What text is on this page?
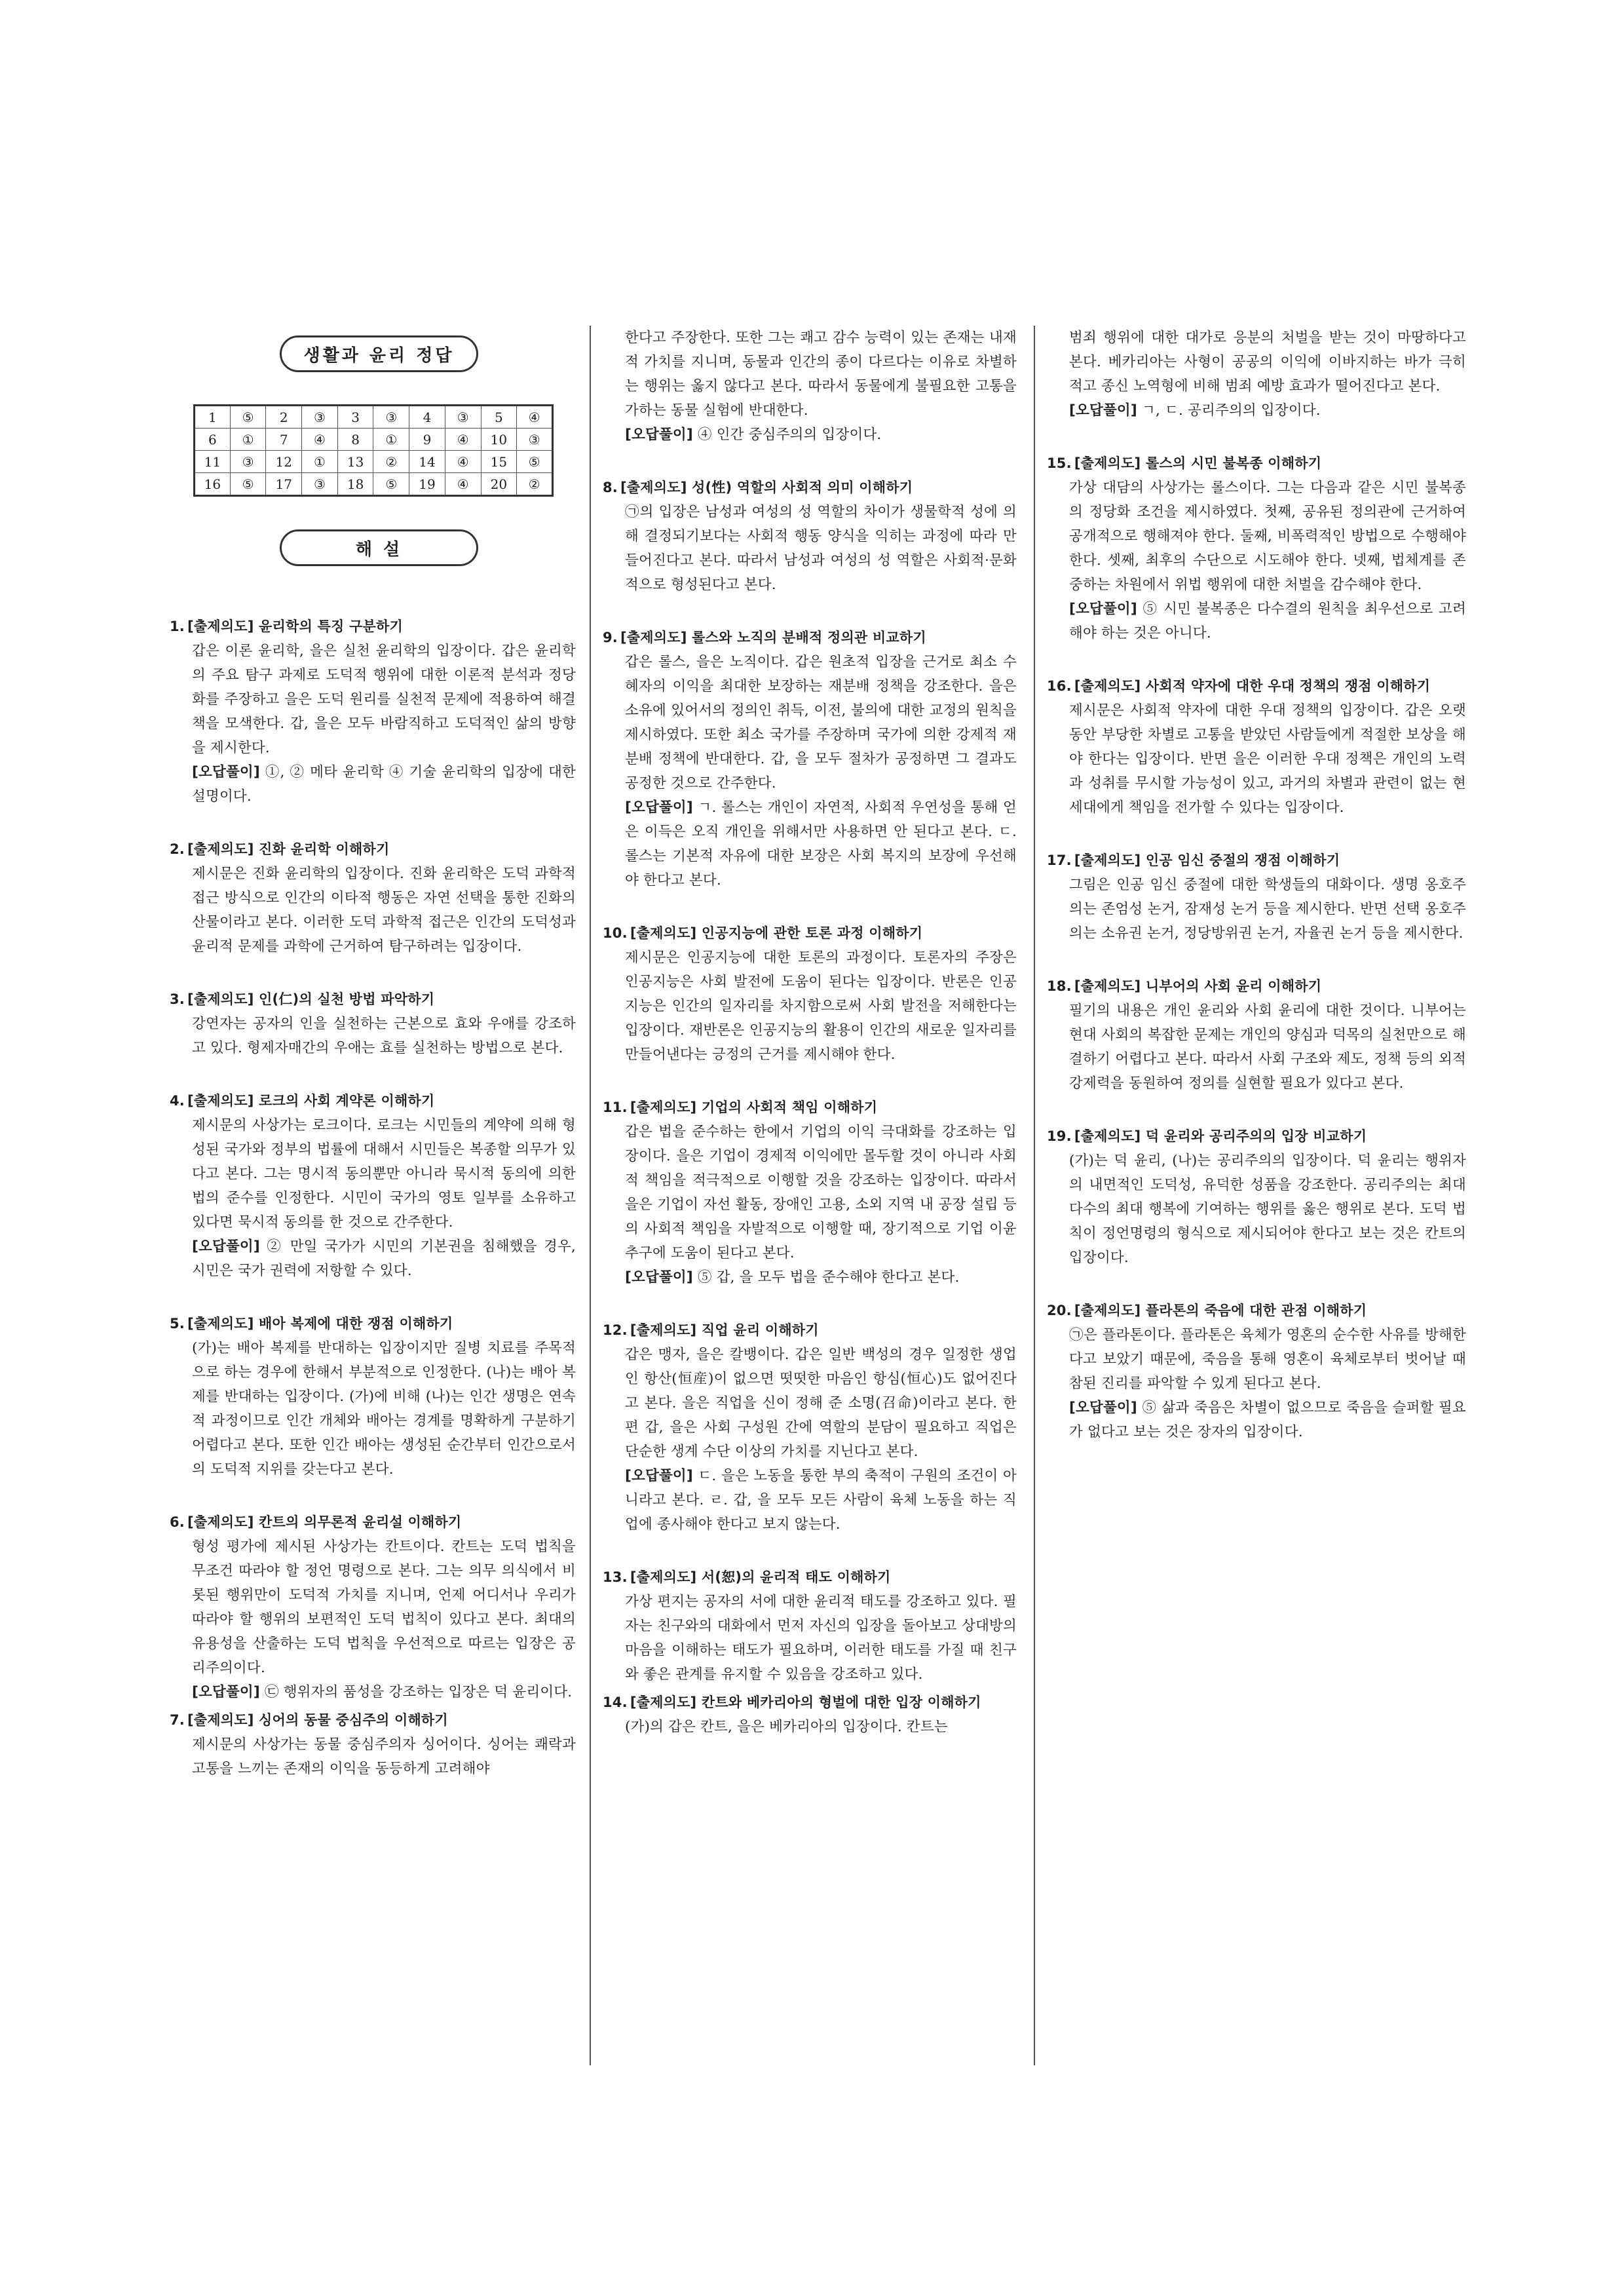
생활과 윤리 정답
1	⑤	2	③	3	③	4	③	5	④
6	①	7	④	8	①	9	④	10	③
11	③	12	①	13	②	14	④	15	⑤
16	⑤	17	③	18	⑤	19	④	20	②
해 설
1. [출제의도] 윤리학의 특징 구분하기

갑은 이론 윤리학, 을은 실천 윤리학의 입장이다. 갑은 윤리학의 주요 탐구 과제로 도덕적 행위에 대한 이론적 분석과 정당화를 주장하고 을은 도덕 원리를 실천적 문제에 적용하여 해결책을 모색한다. 갑, 을은 모두 바람직하고 도덕적인 삶의 방향을 제시한다.

[오답풀이] ①, ② 메타 윤리학 ④ 기술 윤리학의 입장에 대한 설명이다.

2. [출제의도] 진화 윤리학 이해하기

제시문은 진화 윤리학의 입장이다. 진화 윤리학은 도덕 과학적 접근 방식으로 인간의 이타적 행동은 자연 선택을 통한 진화의 산물이라고 본다. 이러한 도덕 과학적 접근은 인간의 도덕성과 윤리적 문제를 과학에 근거하여 탐구하려는 입장이다.

3. [출제의도] 인(仁)의 실천 방법 파악하기

강연자는 공자의 인을 실천하는 근본으로 효와 우애를 강조하고 있다. 형제자매간의 우애는 효를 실천하는 방법으로 본다.

4. [출제의도] 로크의 사회 계약론 이해하기

제시문의 사상가는 로크이다. 로크는 시민들의 계약에 의해 형성된 국가와 정부의 법률에 대해서 시민들은 복종할 의무가 있다고 본다. 그는 명시적 동의뿐만 아니라 묵시적 동의에 의한 법의 준수를 인정한다. 시민이 국가의 영토 일부를 소유하고 있다면 묵시적 동의를 한 것으로 간주한다.

[오답풀이] ② 만일 국가가 시민의 기본권을 침해했을 경우, 시민은 국가 권력에 저항할 수 있다.

5. [출제의도] 배아 복제에 대한 쟁점 이해하기

(가)는 배아 복제를 반대하는 입장이지만 질병 치료를 주목적으로 하는 경우에 한해서 부분적으로 인정한다. (나)는 배아 복제를 반대하는 입장이다. (가)에 비해 (나)는 인간 생명은 연속적 과정이므로 인간 개체와 배아는 경계를 명확하게 구분하기 어렵다고 본다. 또한 인간 배아는 생성된 순간부터 인간으로서의 도덕적 지위를 갖는다고 본다.

6. [출제의도] 칸트의 의무론적 윤리설 이해하기

형성 평가에 제시된 사상가는 칸트이다. 칸트는 도덕 법칙을 무조건 따라야 할 정언 명령으로 본다. 그는 의무 의식에서 비롯된 행위만이 도덕적 가치를 지니며, 언제 어디서나 우리가 따라야 할 행위의 보편적인 도덕 법칙이 있다고 본다. 최대의 유용성을 산출하는 도덕 법칙을 우선적으로 따르는 입장은 공리주의이다.

[오답풀이] ㉢ 행위자의 품성을 강조하는 입장은 덕 윤리이다.

7. [출제의도] 싱어의 동물 중심주의 이해하기

제시문의 사상가는 동물 중심주의자 싱어이다. 싱어는 쾌락과 고통을 느끼는 존재의 이익을 동등하게 고려해야

한다고 주장한다. 또한 그는 쾌고 감수 능력이 있는 존재는 내재적 가치를 지니며, 동물과 인간의 종이 다르다는 이유로 차별하는 행위는 옳지 않다고 본다. 따라서 동물에게 불필요한 고통을 가하는 동물 실험에 반대한다.

[오답풀이] ④ 인간 중심주의의 입장이다.

8. [출제의도] 성(性) 역할의 사회적 의미 이해하기

㉠의 입장은 남성과 여성의 성 역할의 차이가 생물학적 성에 의해 결정되기보다는 사회적 행동 양식을 익히는 과정에 따라 만들어진다고 본다. 따라서 남성과 여성의 성 역할은 사회적·문화적으로 형성된다고 본다.

9. [출제의도] 롤스와 노직의 분배적 정의관 비교하기

갑은 롤스, 을은 노직이다. 갑은 원초적 입장을 근거로 최소 수혜자의 이익을 최대한 보장하는 재분배 정책을 강조한다. 을은 소유에 있어서의 정의인 취득, 이전, 불의에 대한 교정의 원칙을 제시하였다. 또한 최소 국가를 주장하며 국가에 의한 강제적 재분배 정책에 반대한다. 갑, 을 모두 절차가 공정하면 그 결과도 공정한 것으로 간주한다.

[오답풀이] ㄱ. 롤스는 개인이 자연적, 사회적 우연성을 통해 얻은 이득은 오직 개인을 위해서만 사용하면 안 된다고 본다. ㄷ. 롤스는 기본적 자유에 대한 보장은 사회 복지의 보장에 우선해야 한다고 본다.

10. [출제의도] 인공지능에 관한 토론 과정 이해하기

제시문은 인공지능에 대한 토론의 과정이다. 토론자의 주장은 인공지능은 사회 발전에 도움이 된다는 입장이다. 반론은 인공지능은 인간의 일자리를 차지함으로써 사회 발전을 저해한다는 입장이다. 재반론은 인공지능의 활용이 인간의 새로운 일자리를 만들어낸다는 긍정의 근거를 제시해야 한다.

11. [출제의도] 기업의 사회적 책임 이해하기

갑은 법을 준수하는 한에서 기업의 이익 극대화를 강조하는 입장이다. 을은 기업이 경제적 이익에만 몰두할 것이 아니라 사회적 책임을 적극적으로 이행할 것을 강조하는 입장이다. 따라서 을은 기업이 자선 활동, 장애인 고용, 소외 지역 내 공장 설립 등의 사회적 책임을 자발적으로 이행할 때, 장기적으로 기업 이윤 추구에 도움이 된다고 본다.

[오답풀이] ⑤ 갑, 을 모두 법을 준수해야 한다고 본다.

12. [출제의도] 직업 윤리 이해하기

갑은 맹자, 을은 칼뱅이다. 갑은 일반 백성의 경우 일정한 생업인 항산(恒産)이 없으면 떳떳한 마음인 항심(恒心)도 없어진다고 본다. 을은 직업을 신이 정해 준 소명(召命)이라고 본다. 한편 갑, 을은 사회 구성원 간에 역할의 분담이 필요하고 직업은 단순한 생계 수단 이상의 가치를 지닌다고 본다.

[오답풀이] ㄷ. 을은 노동을 통한 부의 축적이 구원의 조건이 아니라고 본다. ㄹ. 갑, 을 모두 모든 사람이 육체 노동을 하는 직업에 종사해야 한다고 보지 않는다.

13. [출제의도] 서(恕)의 윤리적 태도 이해하기

가상 편지는 공자의 서에 대한 윤리적 태도를 강조하고 있다. 필자는 친구와의 대화에서 먼저 자신의 입장을 돌아보고 상대방의 마음을 이해하는 태도가 필요하며, 이러한 태도를 가질 때 친구와 좋은 관계를 유지할 수 있음을 강조하고 있다.

14. [출제의도] 칸트와 베카리아의 형벌에 대한 입장 이해하기

(가)의 갑은 칸트, 을은 베카리아의 입장이다. 칸트는

범죄 행위에 대한 대가로 응분의 처벌을 받는 것이 마땅하다고 본다. 베카리아는 사형이 공공의 이익에 이바지하는 바가 극히 적고 종신 노역형에 비해 범죄 예방 효과가 떨어진다고 본다.

[오답풀이] ㄱ, ㄷ. 공리주의의 입장이다.

15. [출제의도] 롤스의 시민 불복종 이해하기

가상 대담의 사상가는 롤스이다. 그는 다음과 같은 시민 불복종의 정당화 조건을 제시하였다. 첫째, 공유된 정의관에 근거하여 공개적으로 행해져야 한다. 둘째, 비폭력적인 방법으로 수행해야 한다. 셋째, 최후의 수단으로 시도해야 한다. 넷째, 법체계를 존중하는 차원에서 위법 행위에 대한 처벌을 감수해야 한다.

[오답풀이] ⑤ 시민 불복종은 다수결의 원칙을 최우선으로 고려해야 하는 것은 아니다.

16. [출제의도] 사회적 약자에 대한 우대 정책의 쟁점 이해하기

제시문은 사회적 약자에 대한 우대 정책의 입장이다. 갑은 오랫동안 부당한 차별로 고통을 받았던 사람들에게 적절한 보상을 해야 한다는 입장이다. 반면 을은 이러한 우대 정책은 개인의 노력과 성취를 무시할 가능성이 있고, 과거의 차별과 관련이 없는 현세대에게 책임을 전가할 수 있다는 입장이다.

17. [출제의도] 인공 임신 중절의 쟁점 이해하기

그림은 인공 임신 중절에 대한 학생들의 대화이다. 생명 옹호주의는 존엄성 논거, 잠재성 논거 등을 제시한다. 반면 선택 옹호주의는 소유권 논거, 정당방위권 논거, 자율권 논거 등을 제시한다.

18. [출제의도] 니부어의 사회 윤리 이해하기

필기의 내용은 개인 윤리와 사회 윤리에 대한 것이다. 니부어는 현대 사회의 복잡한 문제는 개인의 양심과 덕목의 실천만으로 해결하기 어렵다고 본다. 따라서 사회 구조와 제도, 정책 등의 외적 강제력을 동원하여 정의를 실현할 필요가 있다고 본다.

19. [출제의도] 덕 윤리와 공리주의의 입장 비교하기

(가)는 덕 윤리, (나)는 공리주의의 입장이다. 덕 윤리는 행위자의 내면적인 도덕성, 유덕한 성품을 강조한다. 공리주의는 최대 다수의 최대 행복에 기여하는 행위를 옳은 행위로 본다. 도덕 법칙이 정언명령의 형식으로 제시되어야 한다고 보는 것은 칸트의 입장이다.

20. [출제의도] 플라톤의 죽음에 대한 관점 이해하기

㉠은 플라톤이다. 플라톤은 육체가 영혼의 순수한 사유를 방해한다고 보았기 때문에, 죽음을 통해 영혼이 육체로부터 벗어날 때 참된 진리를 파악할 수 있게 된다고 본다.

[오답풀이] ⑤ 삶과 죽음은 차별이 없으므로 죽음을 슬퍼할 필요가 없다고 보는 것은 장자의 입장이다.
